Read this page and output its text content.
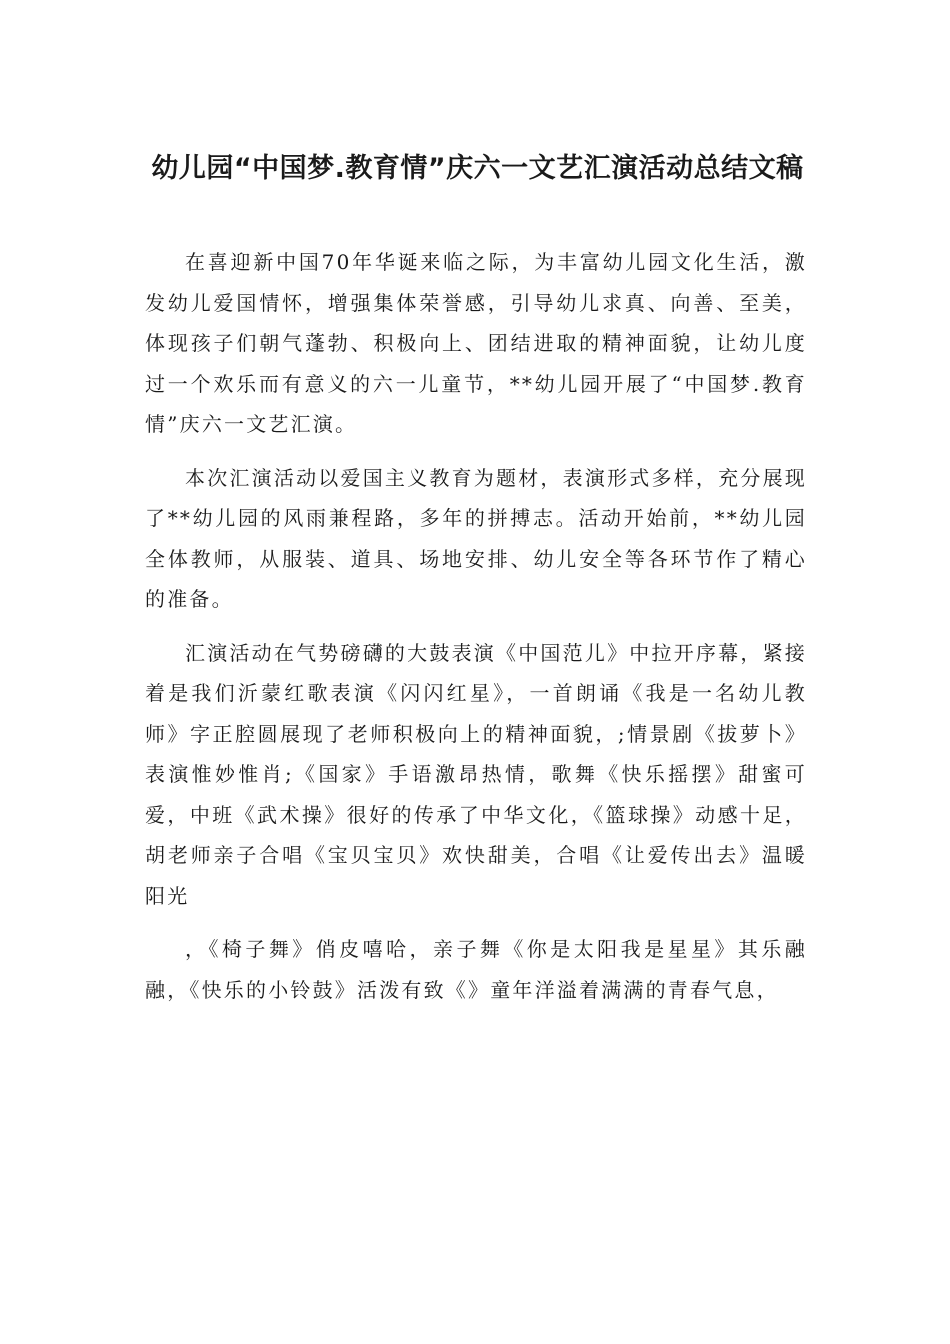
幼儿园“中国梦.教育情”庆六一文艺汇演活动总结文稿

在喜迎新中国70年华诞来临之际，为丰富幼儿园文化生活，激发幼儿爱国情怀，增强集体荣誉感，引导幼儿求真、向善、至美，体现孩子们朝气蓬勃、积极向上、团结进取的精神面貌，让幼儿度过一个欢乐而有意义的六一儿童节，**幼儿园开展了“中国梦.教育情”庆六一文艺汇演。

本次汇演活动以爱国主义教育为题材，表演形式多样，充分展现了**幼儿园的风雨兼程路，多年的拼搏志。活动开始前，**幼儿园全体教师，从服装、道具、场地安排、幼儿安全等各环节作了精心的准备。

汇演活动在气势磅礴的大鼓表演《中国范儿》中拉开序幕，紧接着是我们沂蒙红歌表演《闪闪红星》，一首朗诵《我是一名幼儿教师》字正腔圆展现了老师积极向上的精神面貌，;情景剧《拔萝卜》表演惟妙惟肖;《国家》手语激昂热情，歌舞《快乐摇摆》甜蜜可爱，中班《武术操》很好的传承了中华文化，《篮球操》动感十足，胡老师亲子合唱《宝贝宝贝》欢快甜美，合唱《让爱传出去》温暖阳光

，《椅子舞》俏皮嘻哈，亲子舞《你是太阳我是星星》其乐融融，《快乐的小铃鼓》活泼有致《》童年洋溢着满满的青春气息，
